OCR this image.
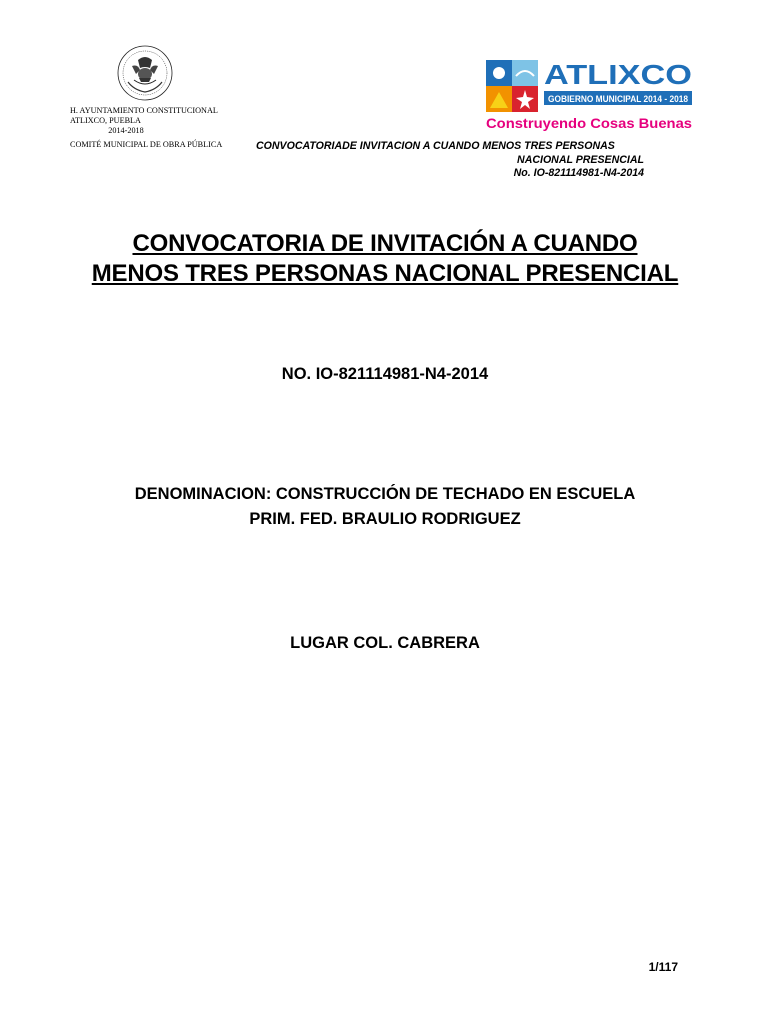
H. AYUNTAMIENTO CONSTITUCIONAL
ATLIXCO, PUEBLA
2014-2018
COMITÉ MUNICIPAL DE OBRA PÚBLICA
ATLIXCO
GOBIERNO MUNICIPAL 2014 - 2018
Construyendo Cosas Buenas
CONVOCATORIADE INVITACION A CUANDO MENOS TRES PERSONAS
NACIONAL PRESENCIAL
No. IO-821114981-N4-2014
CONVOCATORIA DE INVITACIÓN A CUANDO
MENOS TRES PERSONAS NACIONAL PRESENCIAL
NO. IO-821114981-N4-2014
DENOMINACION: CONSTRUCCIÓN DE TECHADO EN ESCUELA
PRIM. FED. BRAULIO RODRIGUEZ
LUGAR COL. CABRERA
1/117
